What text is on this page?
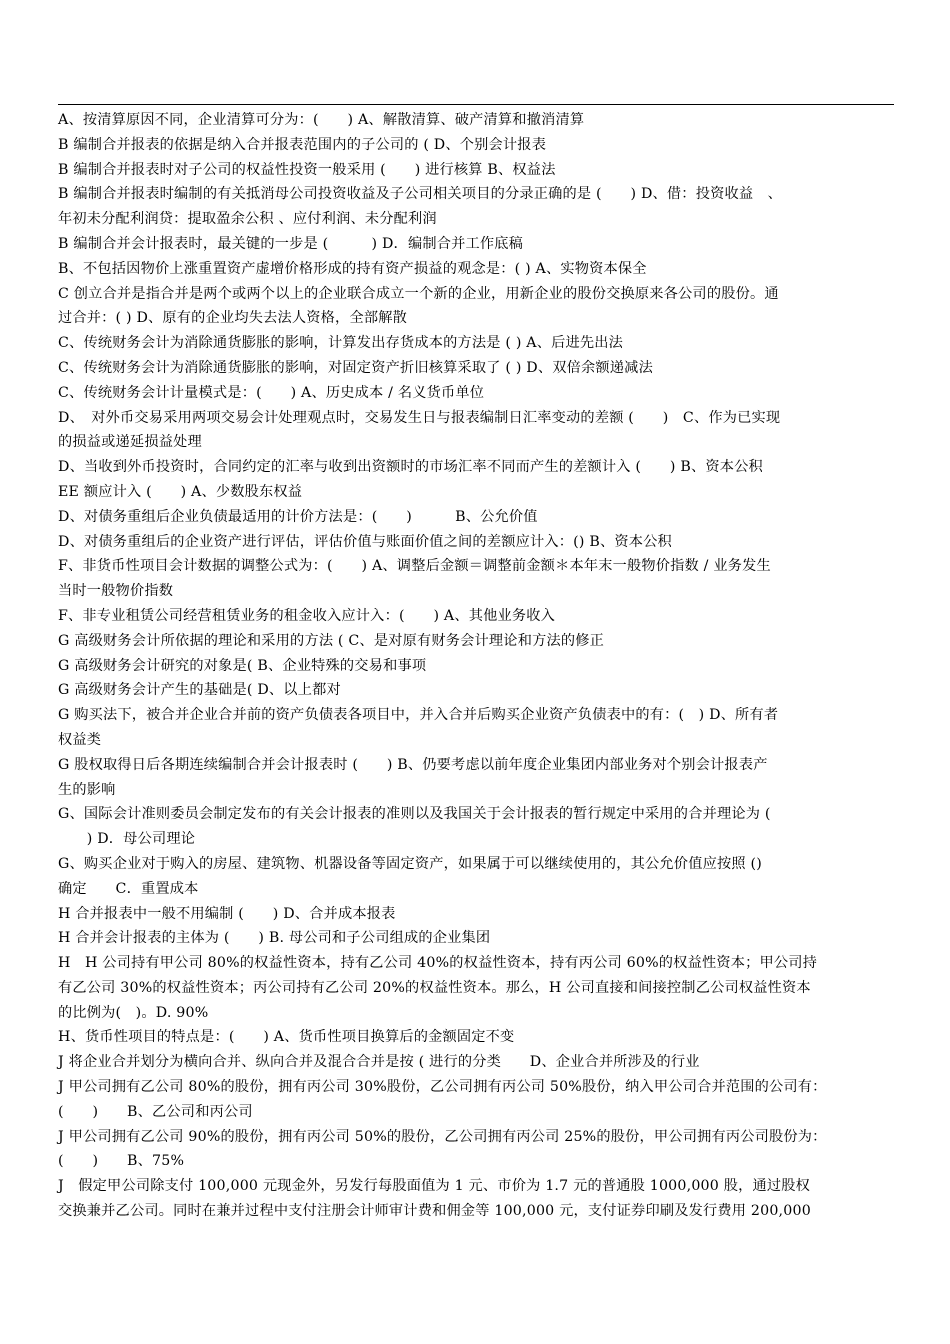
A、按清算原因不同，企业清算可分为：(　　) A、解散清算、破产清算和撤消清算
B 编制合并报表的依据是纳入合并报表范围内的子公司的 ( D、个别会计报表
B 编制合并报表时对子公司的权益性投资一般采用 (　　) 进行核算 B、权益法
B 编制合并报表时编制的有关抵消母公司投资收益及子公司相关项目的分录正确的是 (　　) D、借：投资收益　、
年初未分配利润贷：提取盈余公积 、应付利润、未分配利润
B 编制合并会计报表时，最关键的一步是 (　　　) D．编制合并工作底稿
B、不包括因物价上涨重置资产虚增价格形成的持有资产损益的观念是：( ) A、实物资本保全
C 创立合并是指合并是两个或两个以上的企业联合成立一个新的企业，用新企业的股份交换原来各公司的股份。通
过合并：( ) D、原有的企业均失去法人资格，全部解散
C、传统财务会计为消除通货膨胀的影响，计算发出存货成本的方法是 ( ) A、后进先出法
C、传统财务会计为消除通货膨胀的影响，对固定资产折旧核算采取了 ( ) D、双倍余额递减法
C、传统财务会计计量模式是：(　　) A、历史成本 / 名义货币单位
D、　对外币交易采用两项交易会计处理观点时，交易发生日与报表编制日汇率变动的差额 (　　)　C、作为已实现
的损益或递延损益处理
D、当收到外币投资时，合同约定的汇率与收到出资额时的市场汇率不同而产生的差额计入 (　　) B、资本公积
EE 额应计入 (　　) A、少数股东权益
D、对债务重组后企业负债最适用的计价方法是：(　　)　　　B、公允价值
D、对债务重组后的企业资产进行评估，评估价值与账面价值之间的差额应计入：() B、资本公积
F、非货币性项目会计数据的调整公式为：(　　) A、调整后金额＝调整前金额＊本年末一般物价指数 / 业务发生
当时一般物价指数
F、非专业租赁公司经营租赁业务的租金收入应计入：(　　) A、其他业务收入
G 高级财务会计所依据的理论和采用的方法 ( C、是对原有财务会计理论和方法的修正
G 高级财务会计研究的对象是( B、企业特殊的交易和事项
G 高级财务会计产生的基础是( D、以上都对
G 购买法下，被合并企业合并前的资产负债表各项目中，并入合并后购买企业资产负债表中的有：(　) D、所有者
权益类
G 股权取得日后各期连续编制合并会计报表时 (　　) B、仍要考虑以前年度企业集团内部业务对个别会计报表产
生的影响
G、国际会计准则委员会制定发布的有关会计报表的准则以及我国关于会计报表的暂行规定中采用的合并理论为 (
　　) D．母公司理论
G、购买企业对于购入的房屋、建筑物、机器设备等固定资产，如果属于可以继续使用的，其公允价值应按照 ()
确定　　C．重置成本
H 合并报表中一般不用编制 (　　) D、合并成本报表
H 合并会计报表的主体为 (　　) B. 母公司和子公司组成的企业集团
H　H 公司持有甲公司 80%的权益性资本，持有乙公司 40%的权益性资本，持有丙公司 60%的权益性资本；甲公司持
有乙公司 30%的权益性资本；丙公司持有乙公司 20%的权益性资本。那么，H 公司直接和间接控制乙公司权益性资本
的比例为(　)。D. 90%
H、货币性项目的特点是：(　　) A、货币性项目换算后的金额固定不变
J 将企业合并划分为横向合并、纵向合并及混合合并是按 ( 进行的分类　　D、企业合并所涉及的行业
J 甲公司拥有乙公司 80%的股份，拥有丙公司 30%股份，乙公司拥有丙公司 50%股份，纳入甲公司合并范围的公司有：
(　　)　　B、乙公司和丙公司
J 甲公司拥有乙公司 90%的股份，拥有丙公司 50%的股份，乙公司拥有丙公司 25%的股份，甲公司拥有丙公司股份为：
(　　)　　B、75%
J　假定甲公司除支付 100,000 元现金外，另发行每股面值为 1 元、市价为 1.7 元的普通股 1000,000 股，通过股权
交换兼并乙公司。同时在兼并过程中支付注册会计师审计费和佣金等 100,000 元，支付证券印刷及发行费用 200,000
